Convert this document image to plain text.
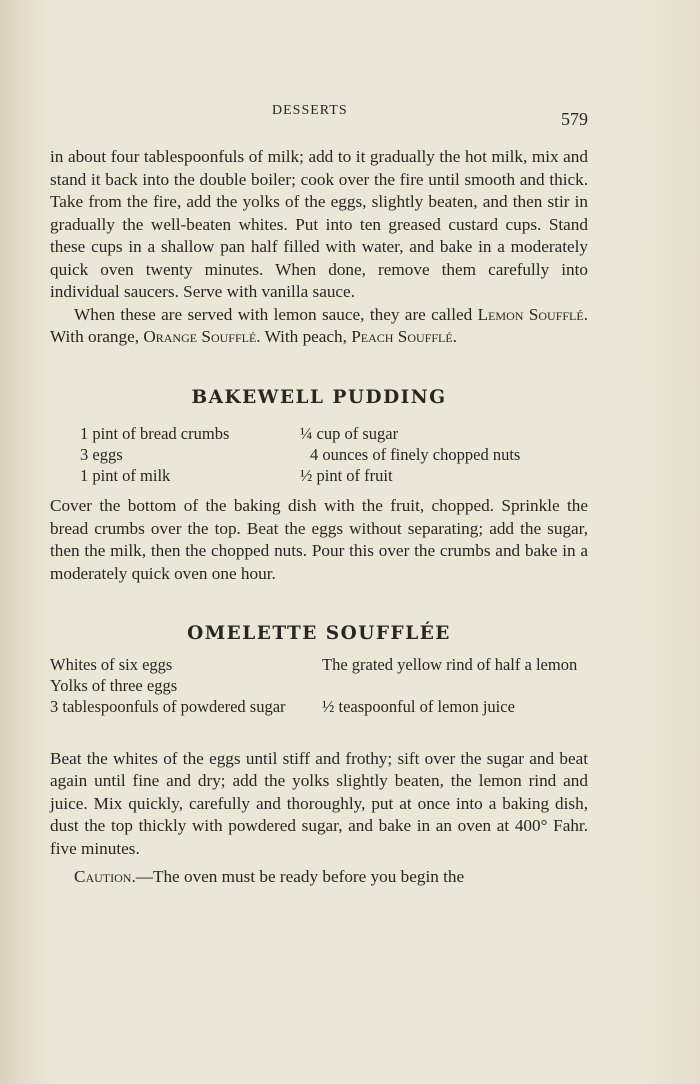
DESSERTS	579

in about four tablespoonfuls of milk; add to it gradually the hot milk, mix and stand it back into the double boiler; cook over the fire until smooth and thick. Take from the fire, add the yolks of the eggs, slightly beaten, and then stir in gradually the well-beaten whites. Put into ten greased custard cups. Stand these cups in a shallow pan half filled with water, and bake in a moderately quick oven twenty minutes. When done, remove them carefully into individual saucers. Serve with vanilla sauce.

When these are served with lemon sauce, they are called Lemon Soufflé. With orange, Orange Soufflé. With peach, Peach Soufflé.

BAKEWELL PUDDING
1 pint of bread crumbs
3 eggs
1 pint of milk
¼ cup of sugar
4 ounces of finely chopped nuts
½ pint of fruit

Cover the bottom of the baking dish with the fruit, chopped. Sprinkle the bread crumbs over the top. Beat the eggs without separating; add the sugar, then the milk, then the chopped nuts. Pour this over the crumbs and bake in a moderately quick oven one hour.

OMELETTE SOUFFLÉE
Whites of six eggs
Yolks of three eggs
3 tablespoonfuls of powdered sugar
The grated yellow rind of half a lemon
½ teaspoonful of lemon juice

Beat the whites of the eggs until stiff and frothy; sift over the sugar and beat again until fine and dry; add the yolks slightly beaten, the lemon rind and juice. Mix quickly, carefully and thoroughly, put at once into a baking dish, dust the top thickly with powdered sugar, and bake in an oven at 400° Fahr. five minutes.

Caution.—The oven must be ready before you begin the
